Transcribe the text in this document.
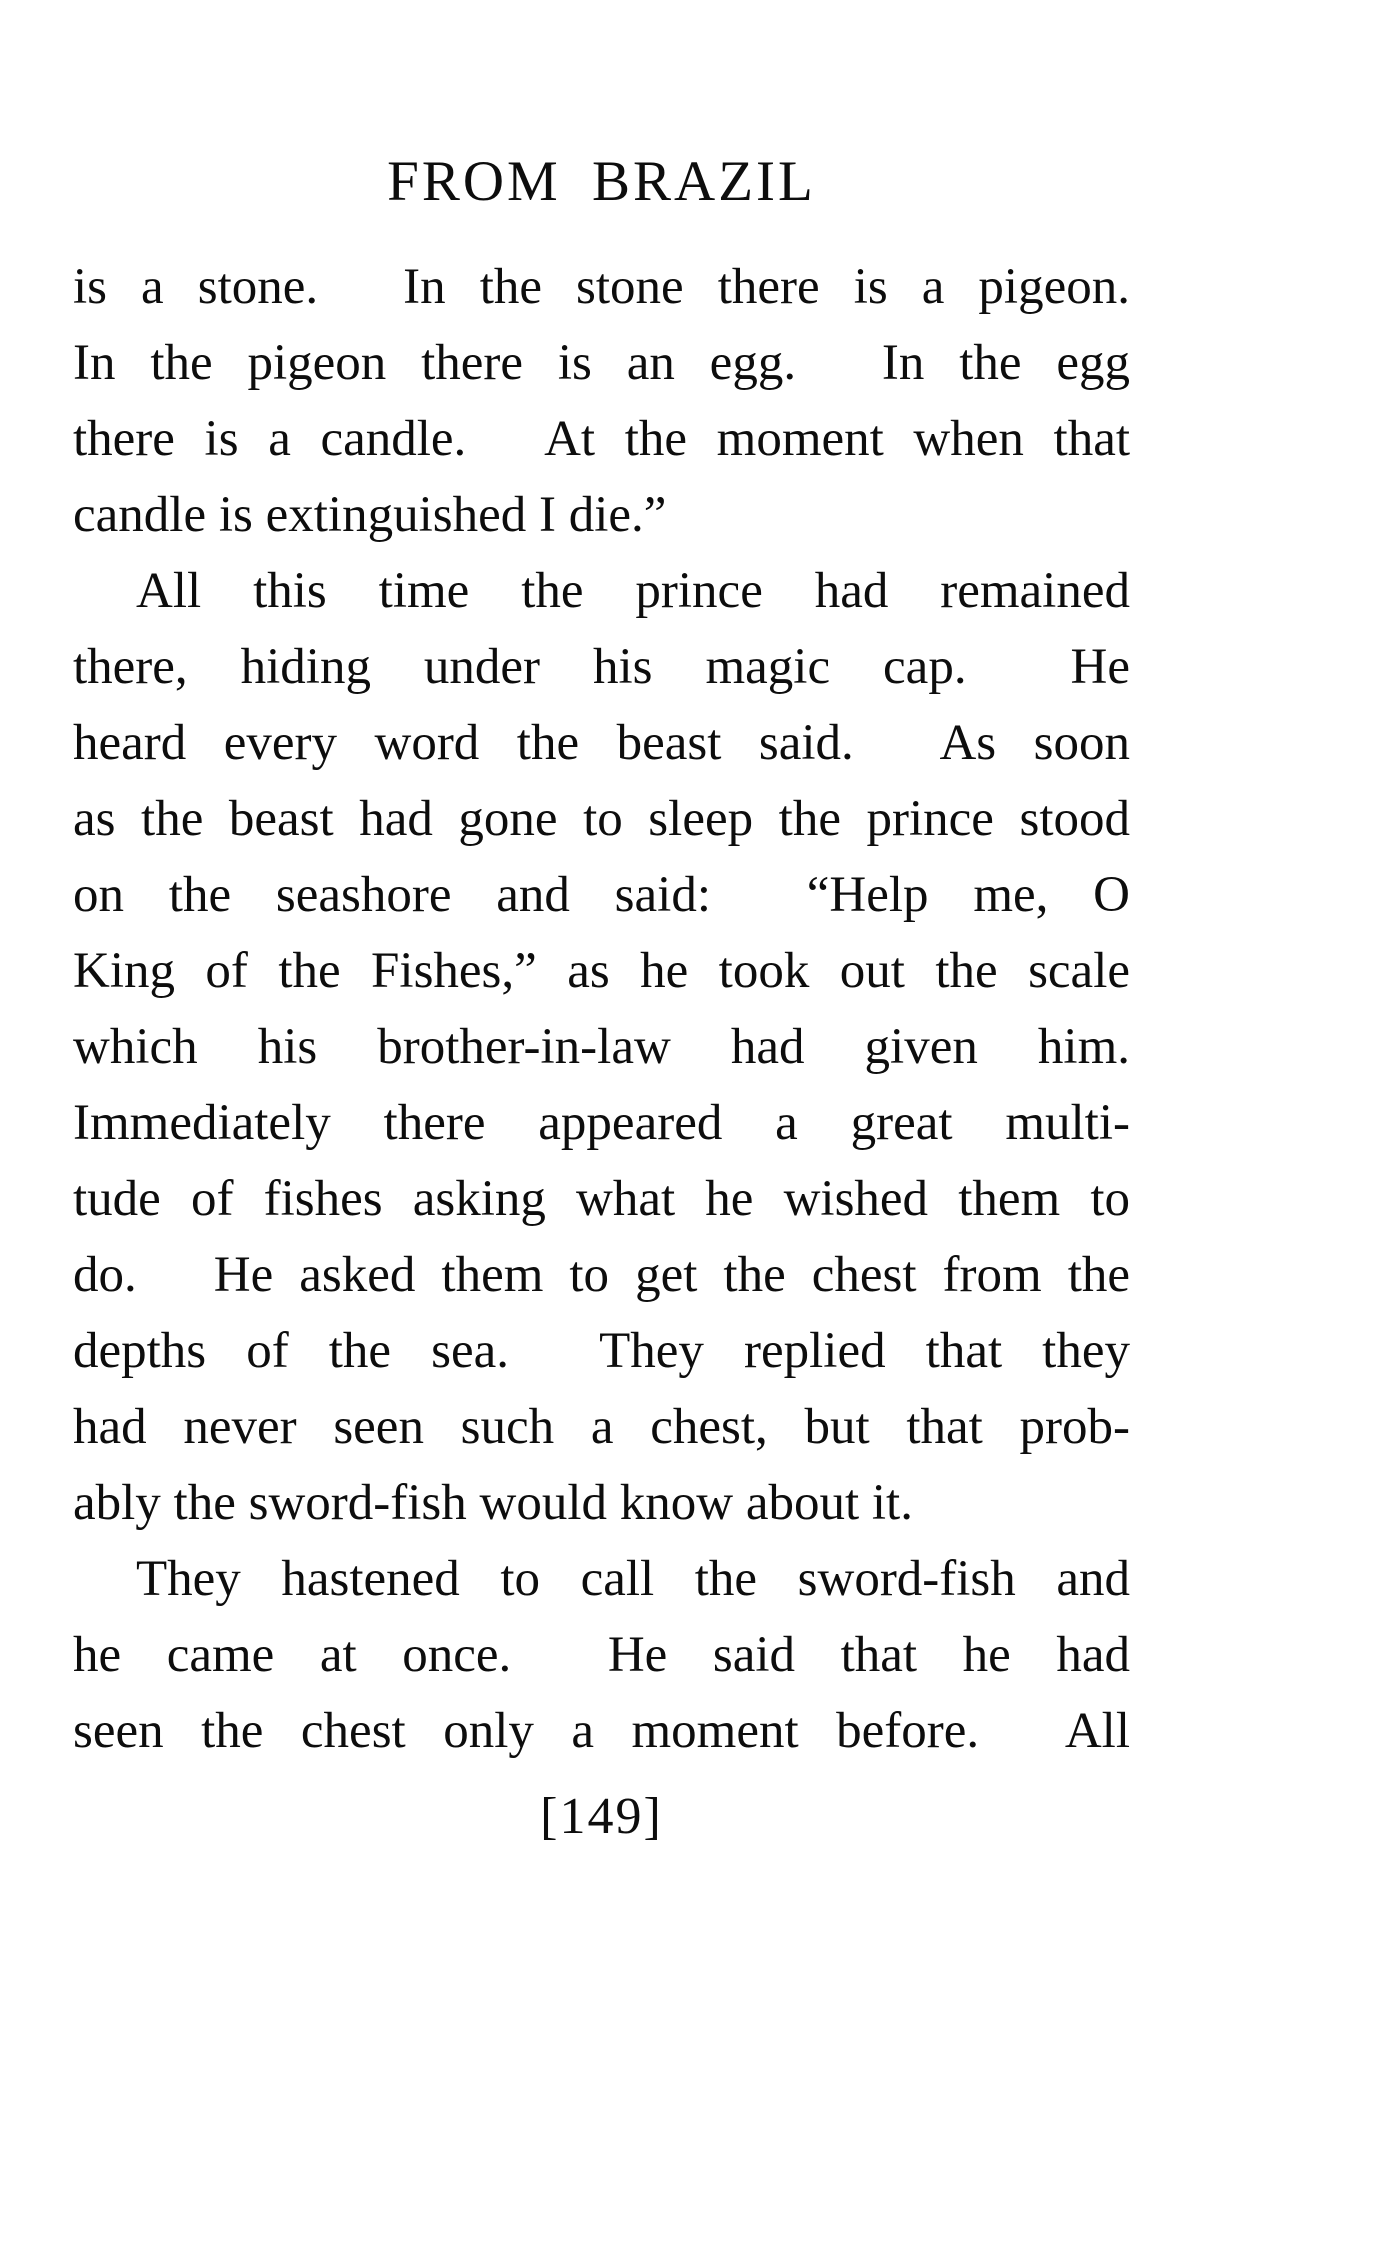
FROM BRAZIL
is a stone.  In the stone there is a pigeon.
In the pigeon there is an egg.  In the egg
there is a candle.  At the moment when that
candle is extinguished I die.”
All this time the prince had remained
there, hiding under his magic cap.  He
heard every word the beast said.  As soon
as the beast had gone to sleep the prince stood
on the seashore and said:  “Help me, O
King of the Fishes,” as he took out the scale
which his brother-in-law had given him.
Immediately there appeared a great multi-
tude of fishes asking what he wished them to
do.  He asked them to get the chest from the
depths of the sea.  They replied that they
had never seen such a chest, but that prob-
ably the sword-fish would know about it.
They hastened to call the sword-fish and
he came at once.  He said that he had
seen the chest only a moment before.  All
[149]
